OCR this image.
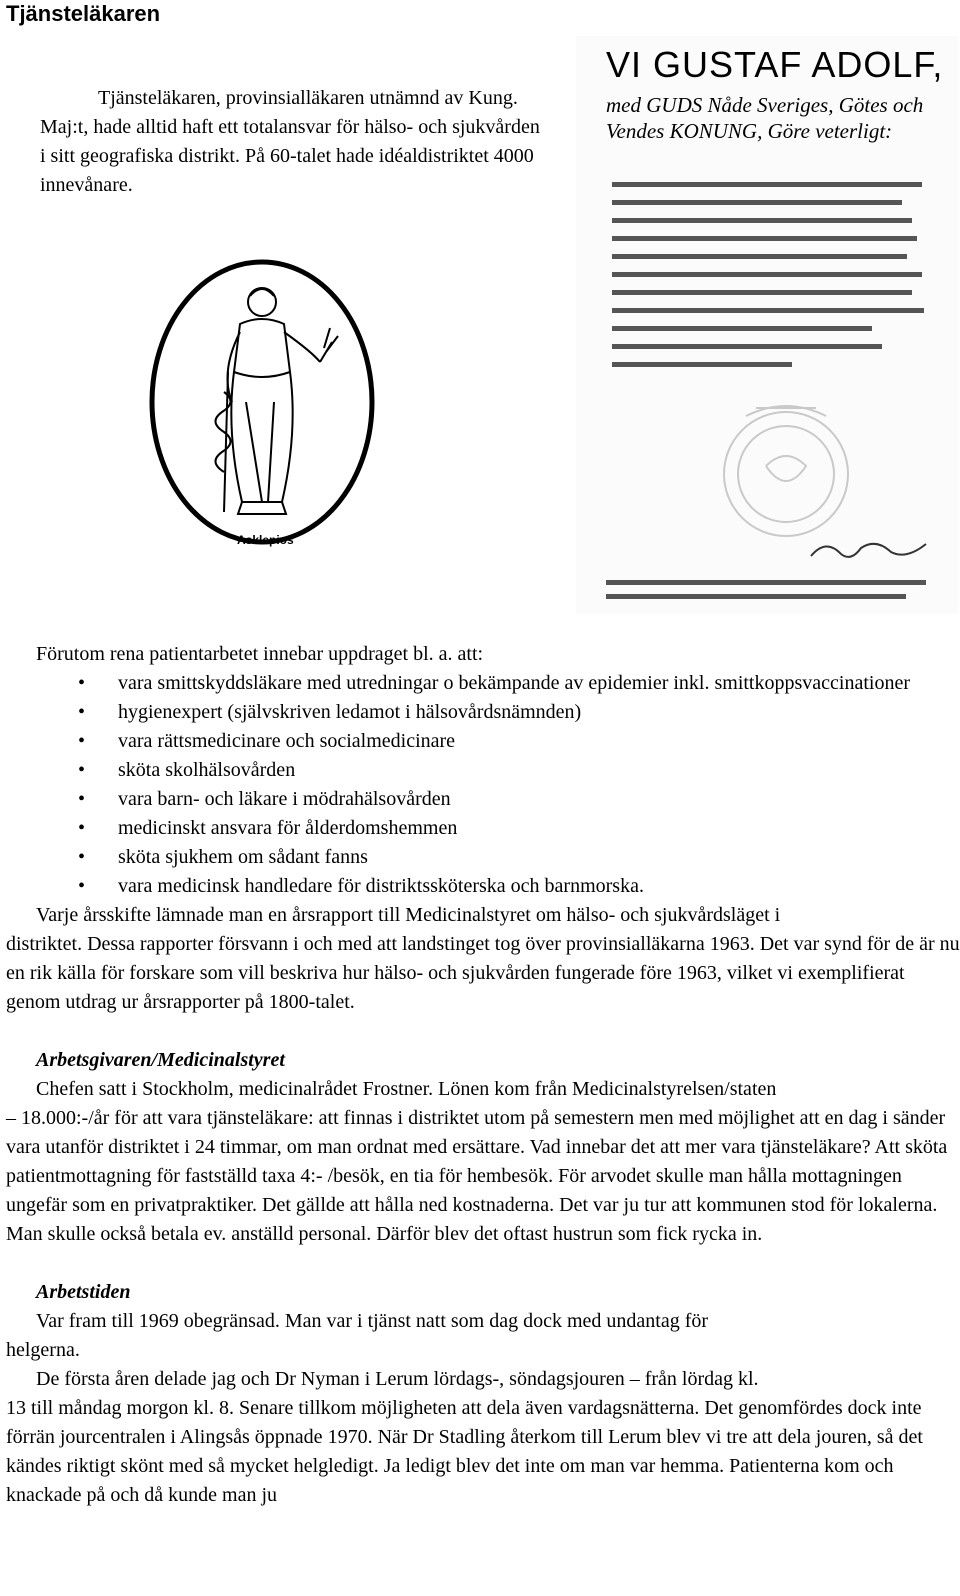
Tjänsteläkaren
Tjänsteläkaren, provinsialläkaren utnämnd av Kung. Maj:t, hade alltid haft ett totalansvar för hälso- och sjukvården i sitt geografiska distrikt. På 60-talet hade idéaldistriktet 4000 innevånare.
VI GUSTAF ADOLF,
med GUDS Nåde Sveriges, Götes och
Vendes KONUNG, Göre veterligt:
Asklepios

Förutom rena patientarbetet innebar uppdraget bl. a. att:

• vara smittskyddsläkare med utredningar o bekämpande av epidemier inkl. smittkoppsvaccinationer
• hygienexpert (självskriven ledamot i hälsovårdsnämnden)
• vara rättsmedicinare och socialmedicinare
• sköta skolhälsovården
• vara barn- och läkare i mödrahälsovården
• medicinskt ansvara för ålderdomshemmen
• sköta sjukhem om sådant fanns
• vara medicinsk handledare för distriktssköterska och barnmorska.

Varje årsskifte lämnade man en årsrapport till Medicinalstyret om hälso- och sjukvårdsläget i
distriktet. Dessa rapporter försvann i och med att landstinget tog över provinsialläkarna 1963. Det var synd för de är nu en rik källa för forskare som vill beskriva hur hälso- och sjukvården fungerade före 1963, vilket vi exemplifierat genom utdrag ur årsrapporter på 1800-talet.

Arbetsgivaren/Medicinalstyret

Chefen satt i Stockholm, medicinalrådet Frostner. Lönen kom från Medicinalstyrelsen/staten
– 18.000:-/år för att vara tjänsteläkare: att finnas i distriktet utom på semestern men med möjlighet att en dag i sänder vara utanför distriktet i 24 timmar, om man ordnat med ersättare. Vad innebar det att mer vara tjänsteläkare? Att sköta patientmottagning för fastställd taxa 4:- /besök, en tia för hembesök. För arvodet skulle man hålla mottagningen ungefär som en privatpraktiker. Det gällde att hålla ned kostnaderna. Det var ju tur att kommunen stod för lokalerna. Man skulle också betala ev. anställd personal. Därför blev det oftast hustrun som fick rycka in.

Arbetstiden

Var fram till 1969 obegränsad. Man var i tjänst natt som dag dock med undantag för
helgerna.

De första åren delade jag och Dr Nyman i Lerum lördags-, söndagsjouren – från lördag kl.
13 till måndag morgon kl. 8. Senare tillkom möjligheten att dela även vardagsnätterna. Det genomfördes dock inte förrän jourcentralen i Alingsås öppnade 1970. När Dr Stadling återkom till Lerum blev vi tre att dela jouren, så det kändes riktigt skönt med så mycket helgledigt. Ja ledigt blev det inte om man var hemma. Patienterna kom och knackade på och då kunde man ju
